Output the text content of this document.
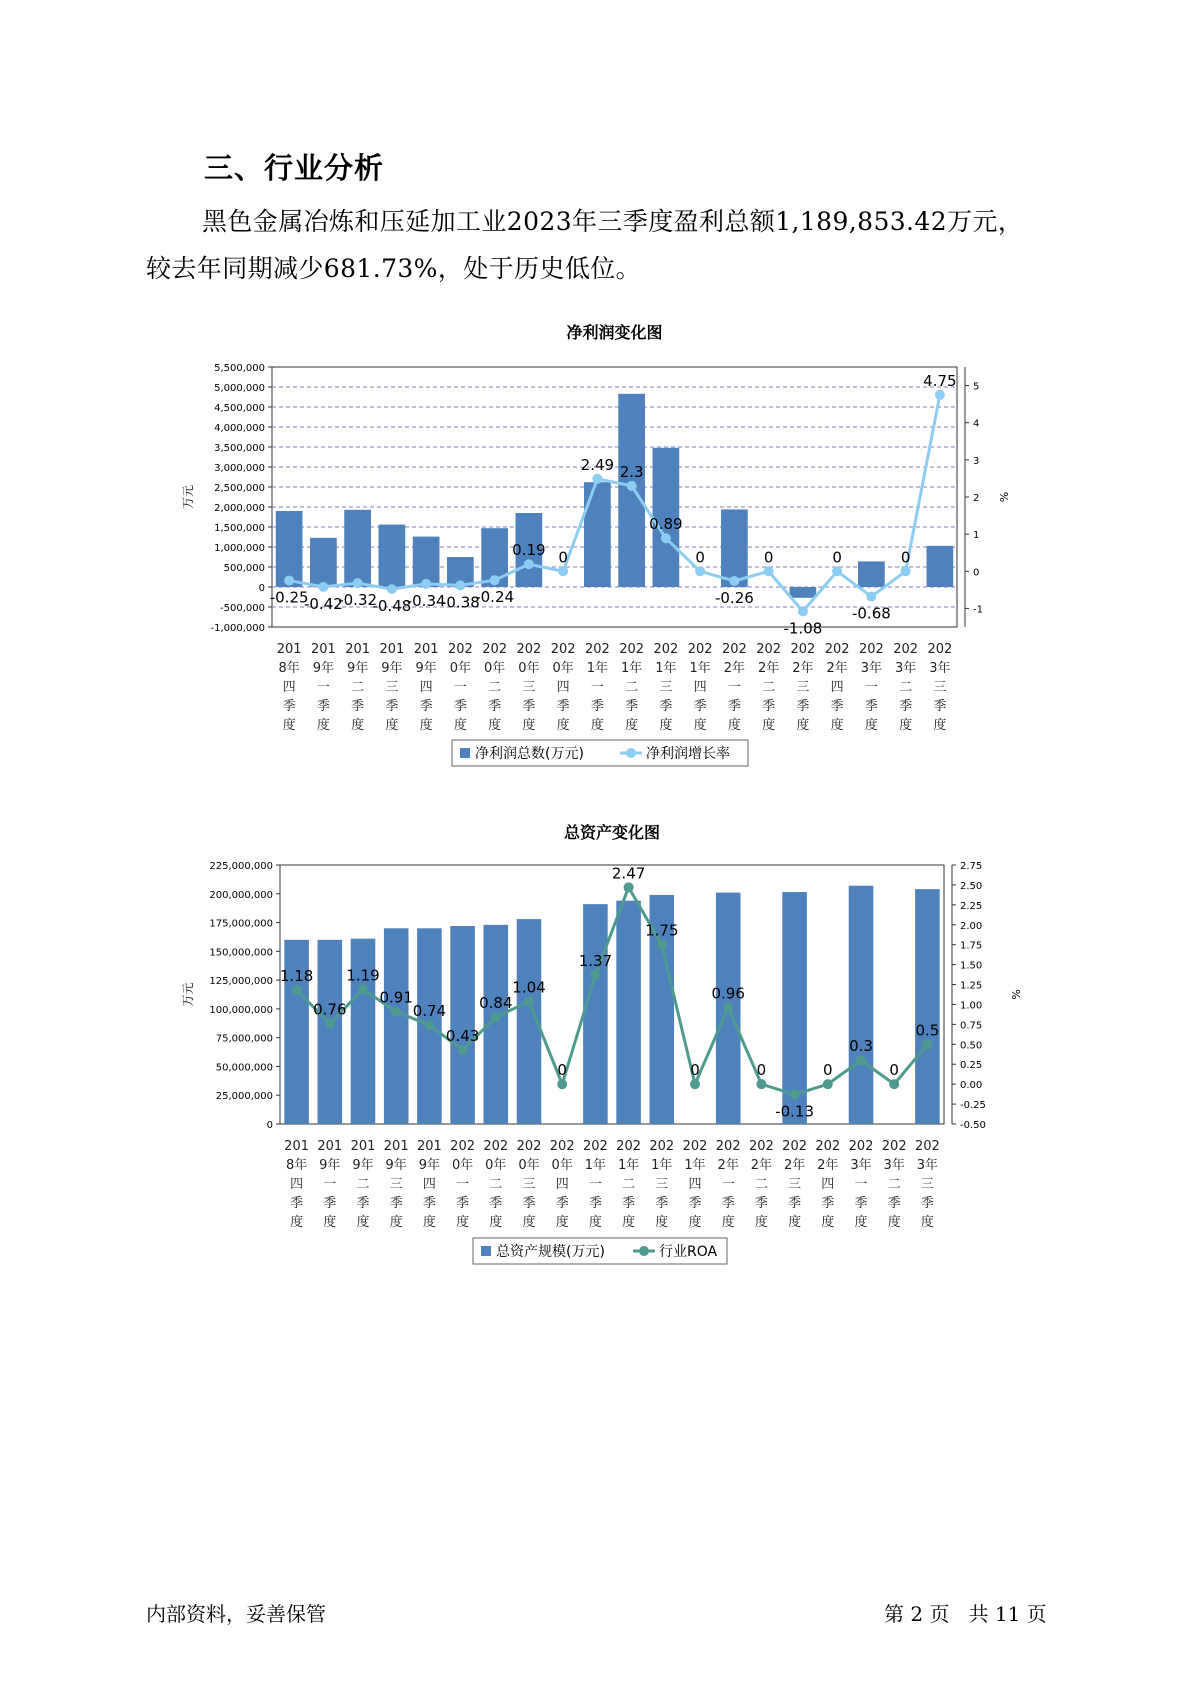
三、行业分析
黑色金属冶炼和压延加工业2023年三季度盈利总额1,189,853.42万元，较去年同期减少681.73%，处于历史低位。
净利润变化图
5,500,000
5,000,000
4,500,000
4,000,000
3,500,000
3,000,000
2,500,000
2,000,000
1,500,000
1,000,000
500,000
0
-500,000
-1,000,000
万元
5
4
3
2
1
0
-1
%
-0.25
-0.42
-0.32
-0.48
-0.34
-0.38
-0.24
0.19 0
2.49 2.3
0.89
0
-0.26
0
-1.08
0
-0.68
0
4.75
201 8年四季度
201 9年一季度
201 9年二季度
201 9年三季度
201 9年四季度
202 0年一季度
202 0年二季度
202 0年三季度
202 0年四季度
202 1年一季度
202 1年二季度
202 1年三季度
202 1年四季度
202 2年一季度
202 2年二季度
202 2年三季度
202 2年四季度
202 3年一季度
202 3年二季度
202 3年三季度
净利润总数(万元)	净利润增长率
总资产变化图
225,000,000
200,000,000
175,000,000
150,000,000
125,000,000
100,000,000
75,000,000
50,000,000
25,000,000
0
万元
2.75
2.50
2.25
2.00
1.75
1.50
1.25
1.00
0.75
0.50
0.25
0.00
-0.25
-0.50
%
1.18
0.76
1.19
0.91
0.74
0.43
0.84
1.04
0
1.37
2.47
1.75
0
0.96
0
-0.13
0
0.3
0
0.5
201 8年四季度
201 9年一季度
201 9年二季度
201 9年三季度
201 9年四季度
202 0年一季度
202 0年二季度
202 0年三季度
202 0年四季度
202 1年一季度
202 1年二季度
202 1年三季度
202 1年四季度
202 2年一季度
202 2年二季度
202 2年三季度
202 2年四季度
202 3年一季度
202 3年二季度
202 3年三季度
总资产规模(万元)	行业ROA
内部资料，妥善保管	第 2 页   共 11 页
